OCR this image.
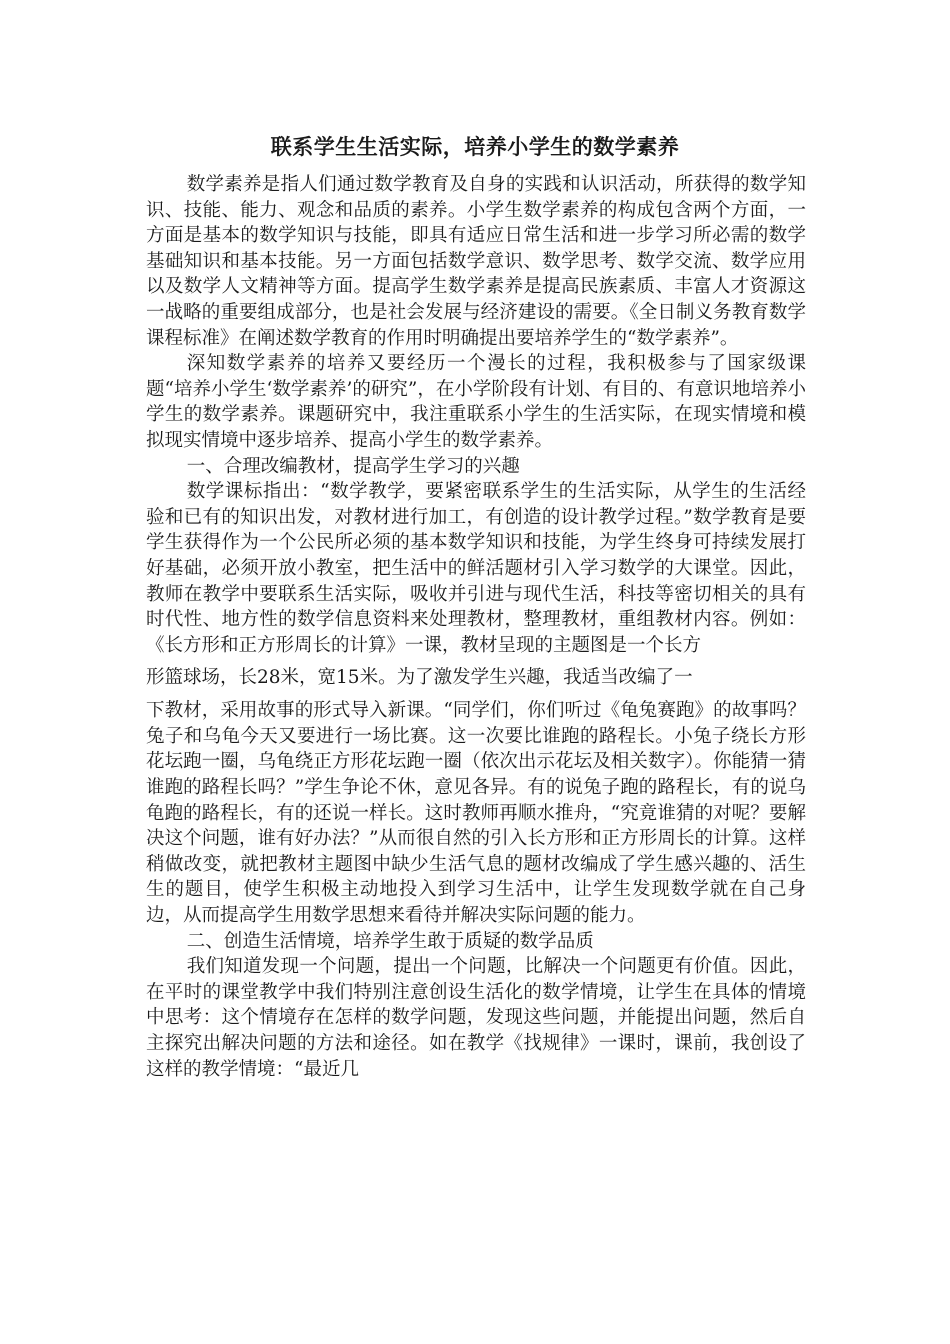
联系学生生活实际，培养小学生的数学素养

数学素养是指人们通过数学教育及自身的实践和认识活动，所获得的数学知识、技能、能力、观念和品质的素养。小学生数学素养的构成包含两个方面，一方面是基本的数学知识与技能，即具有适应日常生活和进一步学习所必需的数学基础知识和基本技能。另一方面包括数学意识、数学思考、数学交流、数学应用以及数学人文精神等方面。提高学生数学素养是提高民族素质、丰富人才资源这一战略的重要组成部分，也是社会发展与经济建设的需要。《全日制义务教育数学课程标准》在阐述数学教育的作用时明确提出要培养学生的“数学素养”。

深知数学素养的培养又要经历一个漫长的过程，我积极参与了国家级课题“培养小学生‘数学素养’的研究”，在小学阶段有计划、有目的、有意识地培养小学生的数学素养。课题研究中，我注重联系小学生的生活实际，在现实情境和模拟现实情境中逐步培养、提高小学生的数学素养。

一、合理改编教材，提高学生学习的兴趣

数学课标指出：“数学教学，要紧密联系学生的生活实际，从学生的生活经验和已有的知识出发，对教材进行加工，有创造的设计教学过程。”数学教育是要学生获得作为一个公民所必须的基本数学知识和技能，为学生终身可持续发展打好基础，必须开放小教室，把生活中的鲜活题材引入学习数学的大课堂。因此，教师在教学中要联系生活实际，吸收并引进与现代生活，科技等密切相关的具有时代性、地方性的数学信息资料来处理教材，整理教材，重组教材内容。例如：《长方形和正方形周长的计算》一课，教材呈现的主题图是一个长方

形篮球场，长28米，宽15米。为了激发学生兴趣，我适当改编了一

下教材，采用故事的形式导入新课。“同学们，你们听过《龟兔赛跑》的故事吗？兔子和乌龟今天又要进行一场比赛。这一次要比谁跑的路程长。小兔子绕长方形花坛跑一圈，乌龟绕正方形花坛跑一圈（依次出示花坛及相关数字）。你能猜一猜谁跑的路程长吗？”学生争论不休，意见各异。有的说兔子跑的路程长，有的说乌龟跑的路程长，有的还说一样长。这时教师再顺水推舟，“究竟谁猜的对呢？要解决这个问题，谁有好办法？”从而很自然的引入长方形和正方形周长的计算。这样稍做改变，就把教材主题图中缺少生活气息的题材改编成了学生感兴趣的、活生生的题目，使学生积极主动地投入到学习生活中，让学生发现数学就在自己身边，从而提高学生用数学思想来看待并解决实际问题的能力。

二、创造生活情境，培养学生敢于质疑的数学品质

我们知道发现一个问题，提出一个问题，比解决一个问题更有价值。因此，在平时的课堂教学中我们特别注意创设生活化的数学情境，让学生在具体的情境中思考：这个情境存在怎样的数学问题，发现这些问题，并能提出问题，然后自主探究出解决问题的方法和途径。如在教学《找规律》一课时，课前，我创设了这样的教学情境：“最近几
